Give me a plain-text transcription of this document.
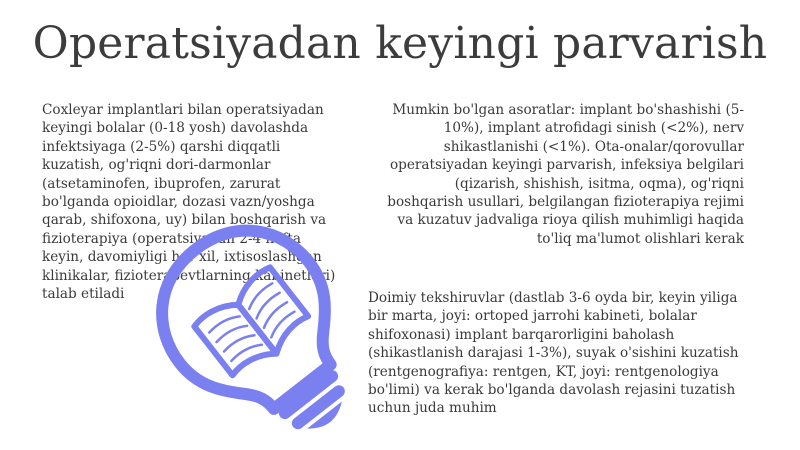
Operatsiyadan keyingi parvarish

Coxleyar implantlari bilan operatsiyadan keyingi bolalar (0-18 yosh) davolashda infektsiyaga (2-5%) qarshi diqqatli kuzatish, og'riqni dori-darmonlar (atsetaminofen, ibuprofen, zarurat bo'lganda opioidlar, dozasi vazn/yoshga qarab, shifoxona, uy) bilan boshqarish va fizioterapiya (operatsiyadan 2-4 hafta keyin, davomiyligi har xil, ixtisoslashgan klinikalar, fizioterapevtlarning kabinetlari) talab etiladi

Mumkin bo'lgan asoratlar: implant bo'shashishi (5-10%), implant atrofidagi sinish (<2%), nerv shikastlanishi (<1%). Ota-onalar/qorovullar operatsiyadan keyingi parvarish, infeksiya belgilari (qizarish, shishish, isitma, oqma), og'riqni boshqarish usullari, belgilangan fizioterapiya rejimi va kuzatuv jadvaliga rioya qilish muhimligi haqida to'liq ma'lumot olishlari kerak

Doimiy tekshiruvlar (dastlab 3-6 oyda bir, keyin yiliga bir marta, joyi: ortoped jarrohi kabineti, bolalar shifoxonasi) implant barqarorligini baholash (shikastlanish darajasi 1-3%), suyak o'sishini kuzatish (rentgenografiya: rentgen, KT, joyi: rentgenologiya bo'limi) va kerak bo'lganda davolash rejasini tuzatish uchun juda muhim
